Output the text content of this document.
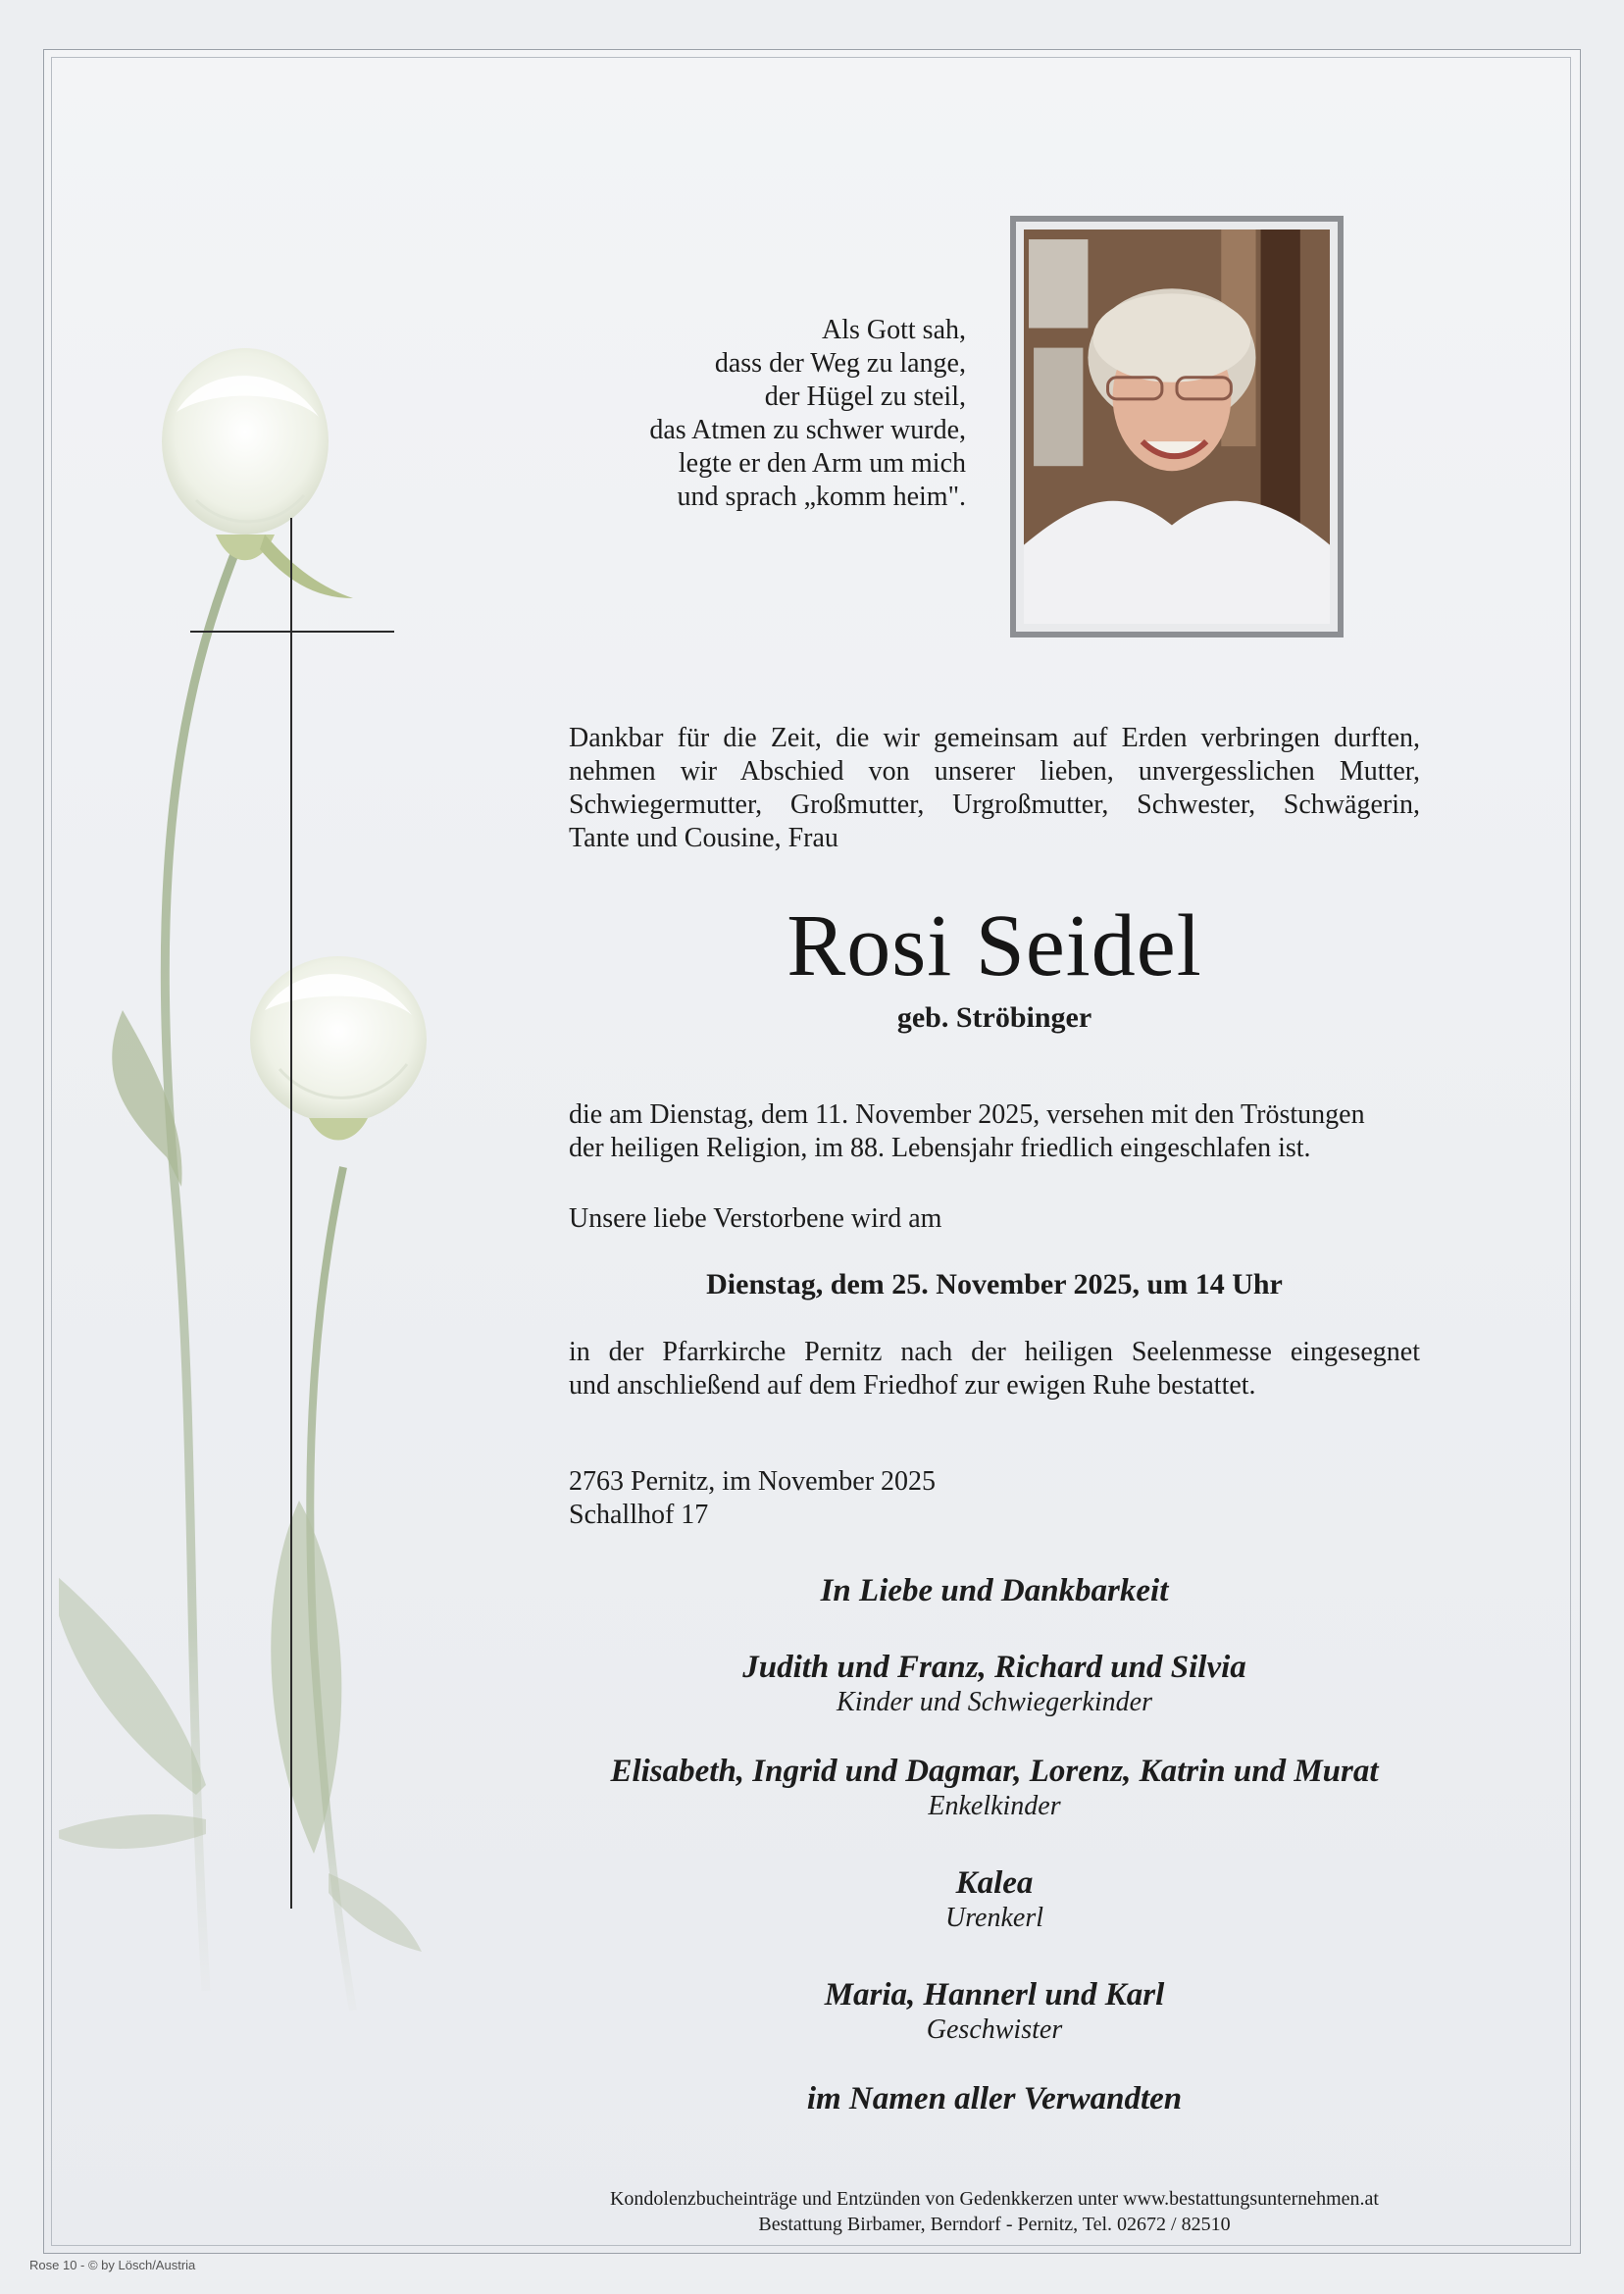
Als Gott sah,
dass der Weg zu lange,
der Hügel zu steil,
das Atmen zu schwer wurde,
legte er den Arm um mich
und sprach „komm heim".
Dankbar für die Zeit, die wir gemeinsam auf Erden verbringen durften,
nehmen wir Abschied von unserer lieben, unvergesslichen Mutter,
Schwiegermutter, Großmutter, Urgroßmutter, Schwester, Schwägerin,
Tante und Cousine, Frau
Rosi Seidel
geb. Ströbinger
die am Dienstag, dem 11. November 2025, versehen mit den Tröstungen
der heiligen Religion, im 88. Lebensjahr friedlich eingeschlafen ist.
Unsere liebe Verstorbene wird am
Dienstag, dem 25. November 2025, um 14 Uhr
in der Pfarrkirche Pernitz nach der heiligen Seelenmesse eingesegnet
und anschließend auf dem Friedhof zur ewigen Ruhe bestattet.
2763 Pernitz, im November 2025
Schallhof 17
In Liebe und Dankbarkeit
Judith und Franz, Richard und Silvia
Kinder und Schwiegerkinder
Elisabeth, Ingrid und Dagmar, Lorenz, Katrin und Murat
Enkelkinder
Kalea
Urenkerl
Maria, Hannerl und Karl
Geschwister
im Namen aller Verwandten
Kondolenzbucheinträge und Entzünden von Gedenkkerzen unter www.bestattungsunternehmen.at
Bestattung Birbamer, Berndorf - Pernitz, Tel. 02672 / 82510
Rose 10 - © by Lösch/Austria
